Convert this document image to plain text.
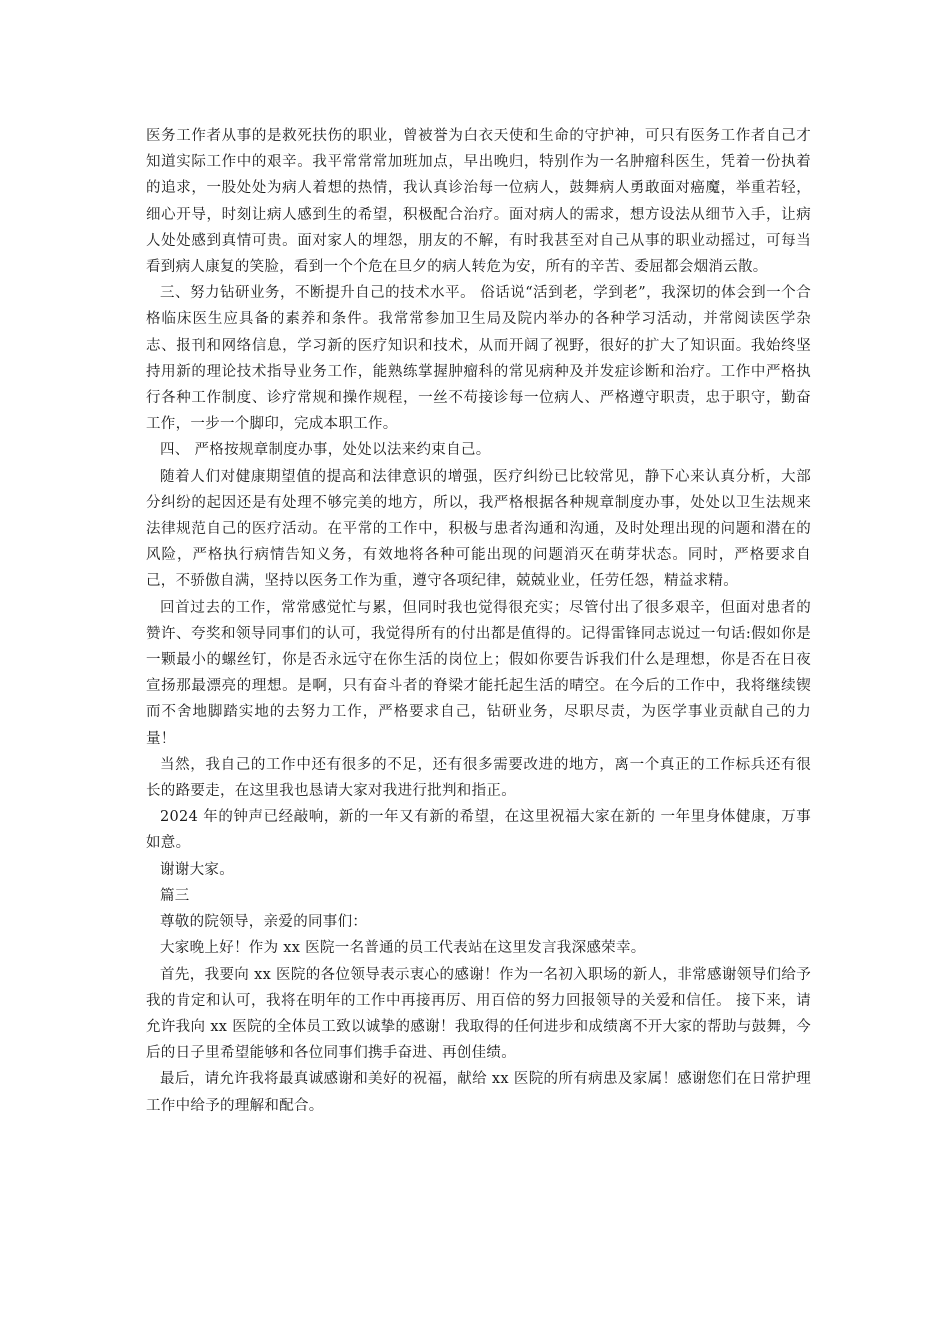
医务工作者从事的是救死扶伤的职业，曾被誉为白衣天使和生命的守护神，可只有医务工作者自己才知道实际工作中的艰辛。我平常常常加班加点，早出晚归，特别作为一名肿瘤科医生，凭着一份执着的追求，一股处处为病人着想的热情，我认真诊治每一位病人，鼓舞病人勇敢面对癌魔，举重若轻，细心开导，时刻让病人感到生的希望，积极配合治疗。面对病人的需求，想方设法从细节入手，让病人处处感到真情可贵。面对家人的埋怨，朋友的不解，有时我甚至对自己从事的职业动摇过，可每当看到病人康复的笑脸，看到一个个危在旦夕的病人转危为安，所有的辛苦、委屈都会烟消云散。

三、努力钻研业务，不断提升自己的技术水平。 俗话说“活到老，学到老”，我深切的体会到一个合格临床医生应具备的素养和条件。我常常参加卫生局及院内举办的各种学习活动，并常阅读医学杂志、报刊和网络信息，学习新的医疗知识和技术，从而开阔了视野，很好的扩大了知识面。我始终坚持用新的理论技术指导业务工作，能熟练掌握肿瘤科的常见病种及并发症诊断和治疗。工作中严格执行各种工作制度、诊疗常规和操作规程，一丝不苟接诊每一位病人、严格遵守职责，忠于职守，勤奋工作，一步一个脚印，完成本职工作。

四、 严格按规章制度办事，处处以法来约束自己。

随着人们对健康期望值的提高和法律意识的增强，医疗纠纷已比较常见，静下心来认真分析，大部分纠纷的起因还是有处理不够完美的地方，所以，我严格根据各种规章制度办事，处处以卫生法规来法律规范自己的医疗活动。在平常的工作中，积极与患者沟通和沟通，及时处理出现的问题和潜在的风险，严格执行病情告知义务，有效地将各种可能出现的问题消灭在萌芽状态。同时，严格要求自己，不骄傲自满，坚持以医务工作为重，遵守各项纪律，兢兢业业，任劳任怨，精益求精。

回首过去的工作，常常感觉忙与累，但同时我也觉得很充实；尽管付出了很多艰辛，但面对患者的赞许、夸奖和领导同事们的认可，我觉得所有的付出都是值得的。记得雷锋同志说过一句话:假如你是一颗最小的螺丝钉，你是否永远守在你生活的岗位上；假如你要告诉我们什么是理想，你是否在日夜宣扬那最漂亮的理想。是啊，只有奋斗者的脊梁才能托起生活的晴空。在今后的工作中，我将继续锲而不舍地脚踏实地的去努力工作，严格要求自己，钻研业务，尽职尽责，为医学事业贡献自己的力量！

当然，我自己的工作中还有很多的不足，还有很多需要改进的地方，离一个真正的工作标兵还有很长的路要走，在这里我也恳请大家对我进行批判和指正。

2024 年的钟声已经敲响，新的一年又有新的希望，在这里祝福大家在新的 一年里身体健康，万事如意。

谢谢大家。

篇三

尊敬的院领导，亲爱的同事们：

大家晚上好！作为 xx 医院一名普通的员工代表站在这里发言我深感荣幸。

首先，我要向 xx 医院的各位领导表示衷心的感谢！作为一名初入职场的新人，非常感谢领导们给予我的肯定和认可，我将在明年的工作中再接再厉、用百倍的努力回报领导的关爱和信任。 接下来，请允许我向 xx 医院的全体员工致以诚挚的感谢！我取得的任何进步和成绩离不开大家的帮助与鼓舞，今后的日子里希望能够和各位同事们携手奋进、再创佳绩。

最后，请允许我将最真诚感谢和美好的祝福，献给 xx 医院的所有病患及家属！感谢您们在日常护理工作中给予的理解和配合。
